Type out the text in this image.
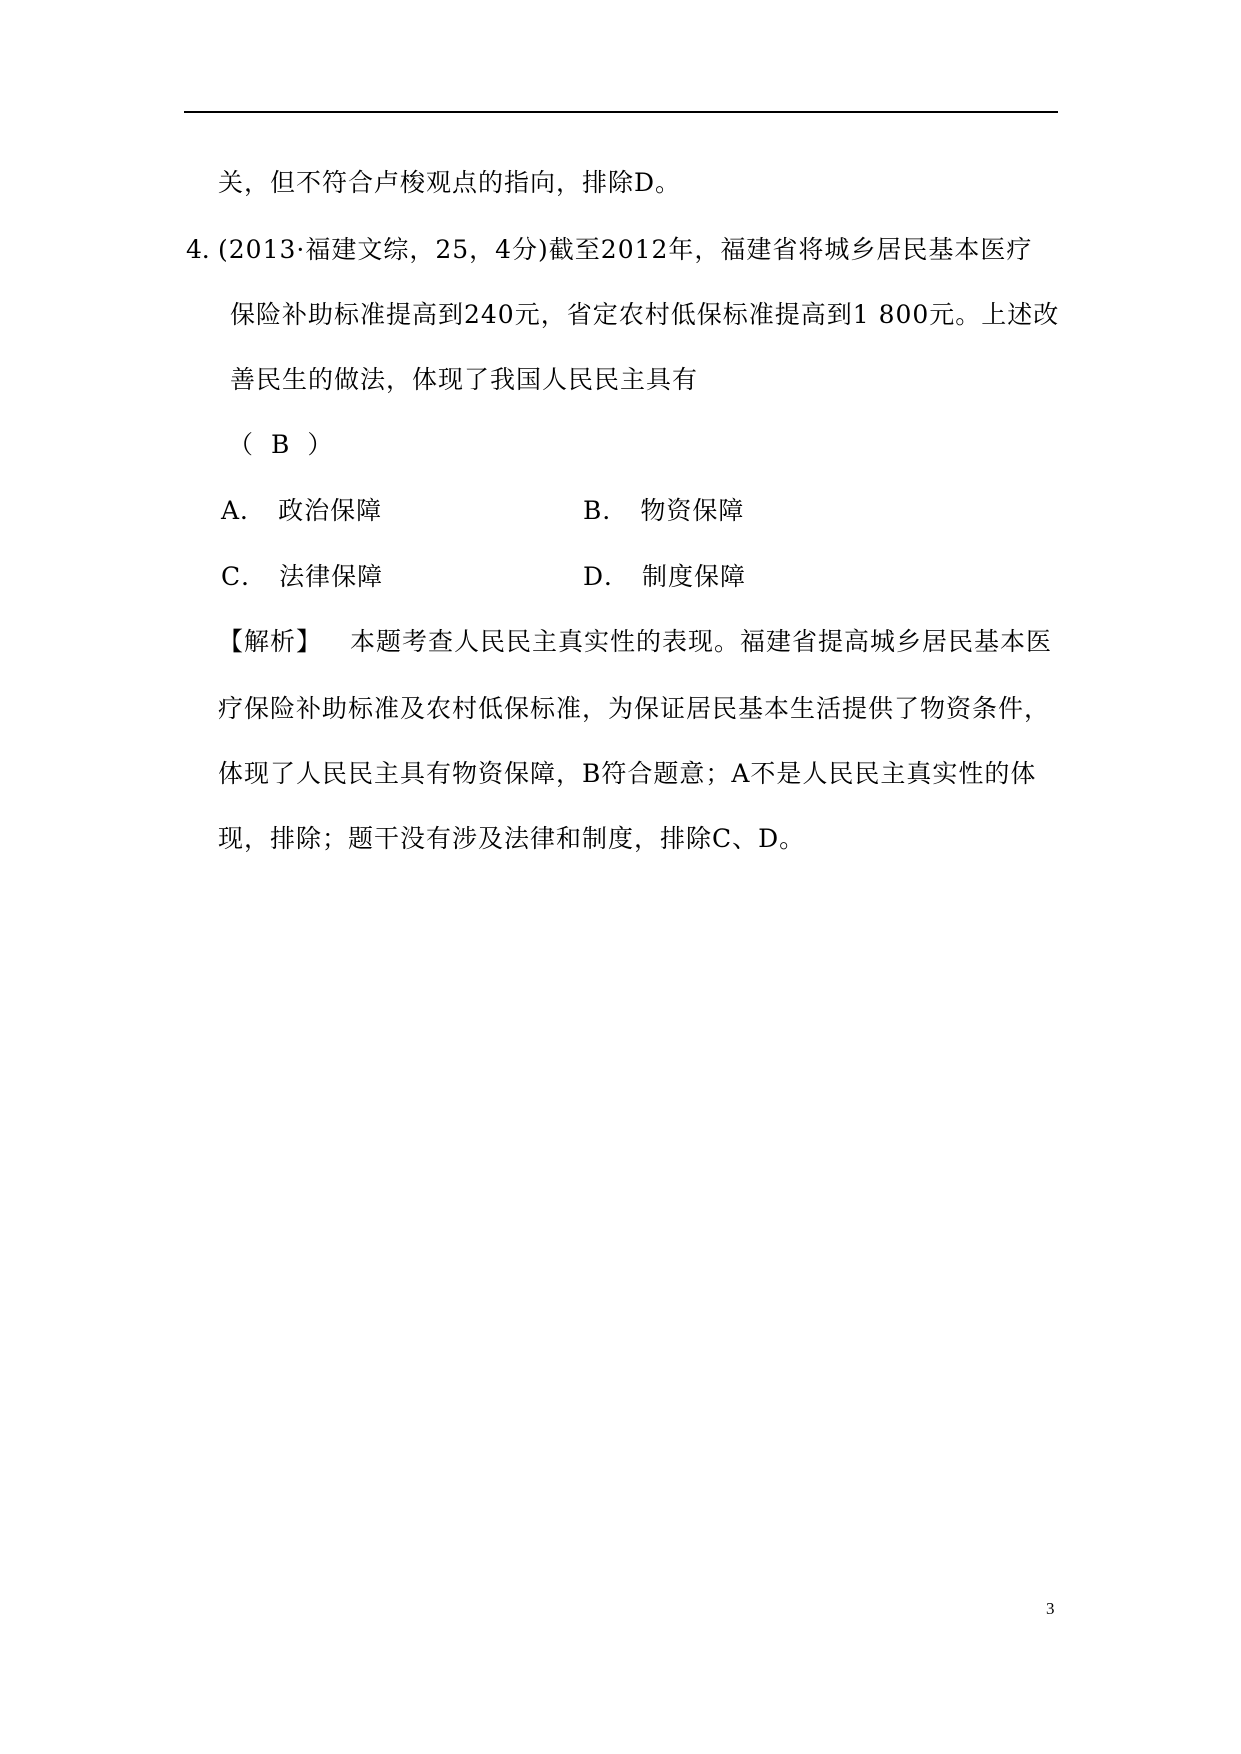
关，但不符合卢梭观点的指向，排除D。
4．
(2013·福建文综，25，4分)截至2012年，福建省将城乡居民基本医疗
保险补助标准提高到240元，省定农村低保标准提高到1 800元。上述改
善民生的做法，体现了我国人民民主具有
（ B ）
A． 政治保障	B． 物资保障
C． 法律保障	D． 制度保障
【解析】 本题考查人民民主真实性的表现。福建省提高城乡居民基本医
疗保险补助标准及农村低保标准，为保证居民基本生活提供了物资条件，
体现了人民民主具有物资保障，B符合题意；A不是人民民主真实性的体
现，排除；题干没有涉及法律和制度，排除C、D。
3
